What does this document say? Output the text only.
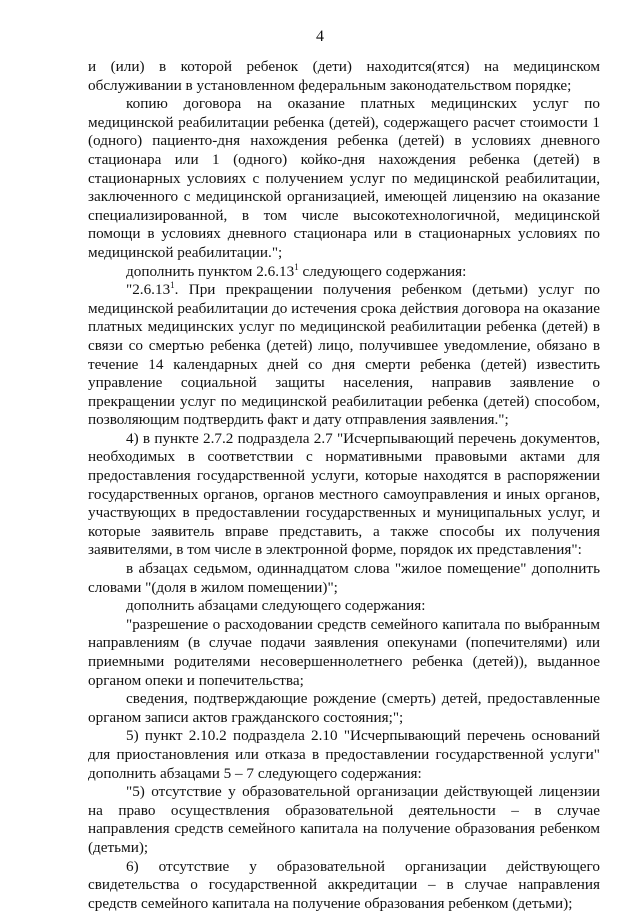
4

и (или) в которой ребенок (дети) находится(ятся) на медицинском обслуживании в установленном федеральным законодательством порядке;

копию договора на оказание платных медицинских услуг по медицинской реабилитации ребенка (детей), содержащего расчет стоимости 1 (одного) пациенто-дня нахождения ребенка (детей) в условиях дневного стационара или 1 (одного) койко-дня нахождения ребенка (детей) в стационарных условиях с получением услуг по медицинской реабилитации, заключенного с медицинской организацией, имеющей лицензию на оказание специализированной, в том числе высокотехнологичной, медицинской помощи в условиях дневного стационара или в стационарных условиях по медицинской реабилитации.";

дополнить пунктом 2.6.13$^1$ следующего содержания:

"2.6.13$^1$. При прекращении получения ребенком (детьми) услуг по медицинской реабилитации до истечения срока действия договора на оказание платных медицинских услуг по медицинской реабилитации ребенка (детей) в связи со смертью ребенка (детей) лицо, получившее уведомление, обязано в течение 14 календарных дней со дня смерти ребенка (детей) известить управление социальной защиты населения, направив заявление о прекращении услуг по медицинской реабилитации ребенка (детей) способом, позволяющим подтвердить факт и дату отправления заявления.";

4) в пункте 2.7.2 подраздела 2.7 "Исчерпывающий перечень документов, необходимых в соответствии с нормативными правовыми актами для предоставления государственной услуги, которые находятся в распоряжении государственных органов, органов местного самоуправления и иных органов, участвующих в предоставлении государственных и муниципальных услуг, и которые заявитель вправе представить, а также способы их получения заявителями, в том числе в электронной форме, порядок их представления":

в абзацах седьмом, одиннадцатом слова "жилое помещение" дополнить словами "(доля в жилом помещении)";

дополнить абзацами следующего содержания:

"разрешение о расходовании средств семейного капитала по выбранным направлениям (в случае подачи заявления опекунами (попечителями) или приемными родителями несовершеннолетнего ребенка (детей)), выданное органом опеки и попечительства;

сведения, подтверждающие рождение (смерть) детей, предоставленные органом записи актов гражданского состояния;";

5) пункт 2.10.2 подраздела 2.10 "Исчерпывающий перечень оснований для приостановления или отказа в предоставлении государственной услуги" дополнить абзацами 5 – 7 следующего содержания:

"5) отсутствие у образовательной организации действующей лицензии на право осуществления образовательной деятельности – в случае направления средств семейного капитала на получение образования ребенком (детьми);

6) отсутствие у образовательной организации действующего свидетельства о государственной аккредитации – в случае направления средств семейного капитала на получение образования ребенком (детьми);
